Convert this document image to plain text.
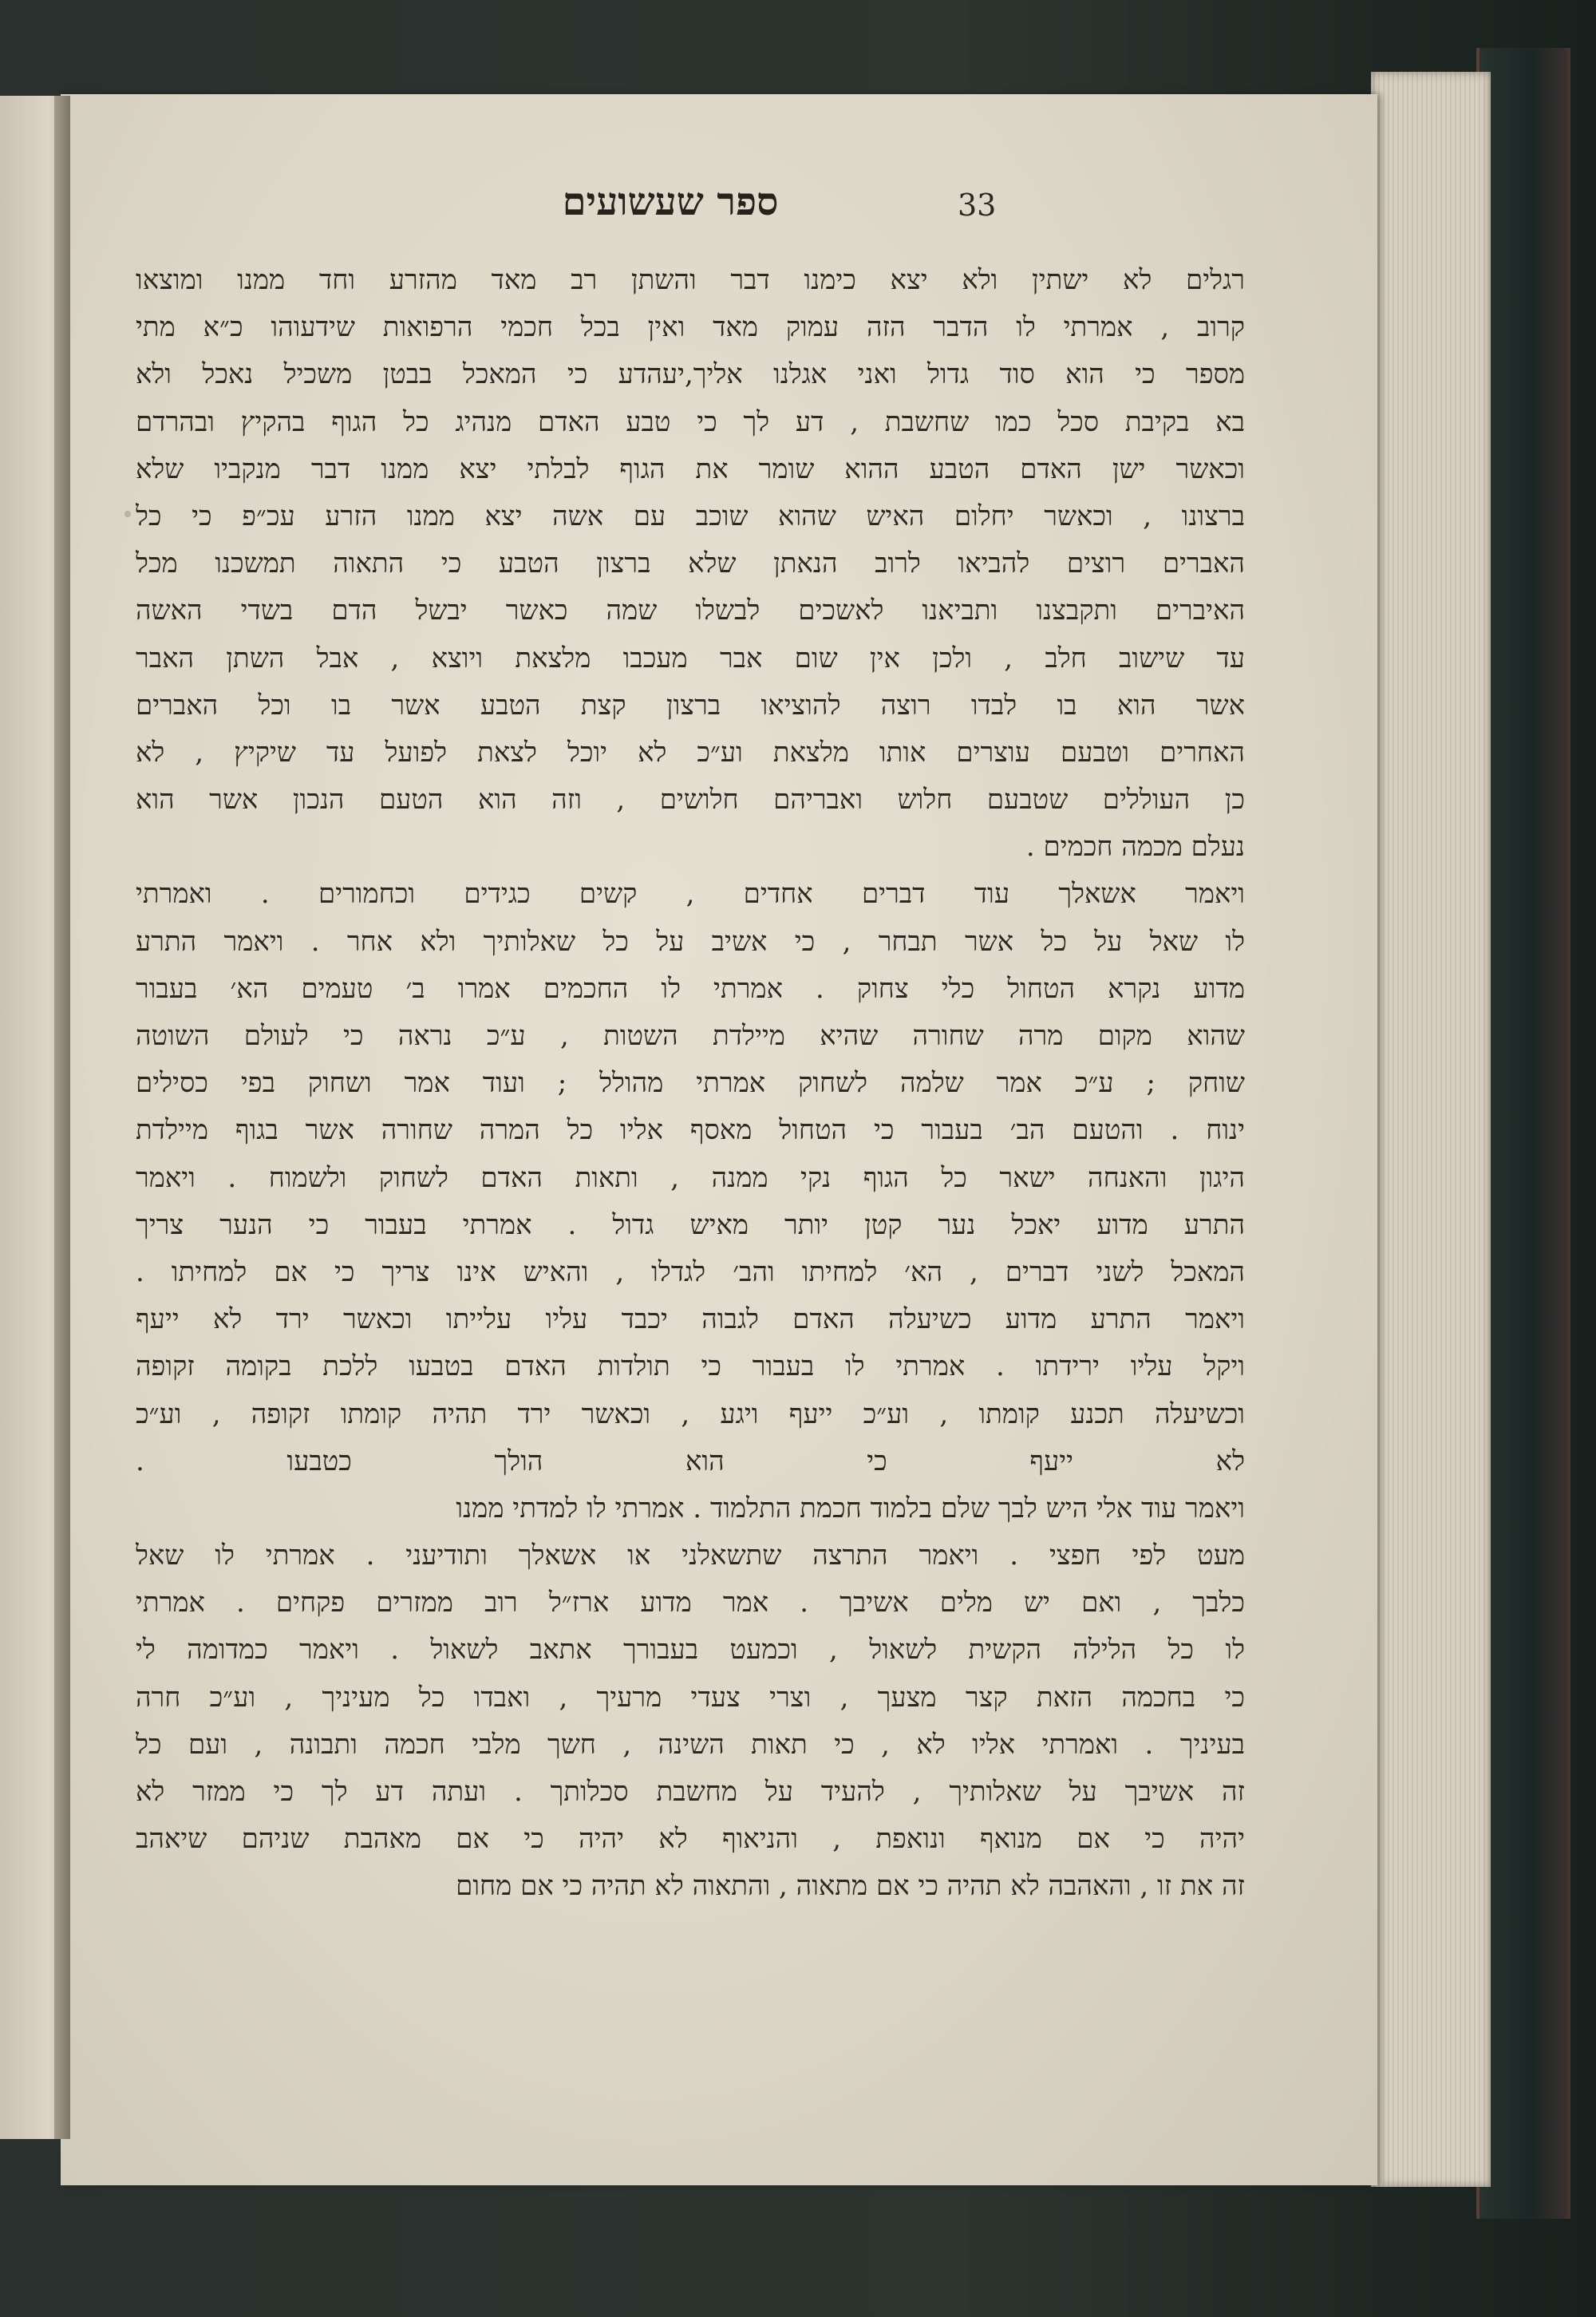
ספר שעשועים	33
רגלים לא ישתין ולא יצא כימנו דבר והשתן רב מאד מהזרע וחד ממנו ומוצאו
קרוב , אמרתי לו הדבר הזה עמוק מאד ואין בכל חכמי הרפואות שידעוהו כ״א מתי
מספר כי הוא סוד גדול ואני אגלנו אליך,יעהדע כי המאכל בבטן משכיל נאכל ולא
בא בקיבת סכל כמו שחשבת , דע לך כי טבע האדם מנהיג כל הגוף בהקיץ ובהרדם
וכאשר ישן האדם הטבע ההוא שומר את הגוף לבלתי יצא ממנו דבר מנקביו שלא
ברצונו , וכאשר יחלום האיש שהוא שוכב עם אשה יצא ממנו הזרע עכ״פ כי כל
האברים רוצים להביאו לרוב הנאתן שלא ברצון הטבע כי התאוה תמשכנו מכל
האיברים ותקבצנו ותביאנו לאשכים לבשלו שמה כאשר יבשל הדם בשדי האשה
עד שישוב חלב , ולכן אין שום אבר מעכבו מלצאת ויוצא , אבל השתן האבר
אשר הוא בו לבדו רוצה להוציאו ברצון קצת הטבע אשר בו וכל האברים
האחרים וטבעם עוצרים אותו מלצאת וע״כ לא יוכל לצאת לפועל עד שיקיץ , לא
כן העוללים שטבעם חלוש ואבריהם חלושים , וזה הוא הטעם הנכון אשר הוא
נעלם מכמה חכמים .
ויאמר אשאלך עוד דברים אחדים , קשים כגידים וכחמורים . ואמרתי
לו שאל על כל אשר תבחר , כי אשיב על כל שאלותיך ולא אחר . ויאמר התרע
מדוע נקרא הטחול כלי צחוק . אמרתי לו החכמים אמרו ב׳ טעמים הא׳ בעבור
שהוא מקום מרה שחורה שהיא מיילדת השטות , ע״כ נראה כי לעולם השוטה
שוחק ; ע״כ אמר שלמה לשחוק אמרתי מהולל ; ועוד אמר ושחוק בפי כסילים
ינוח . והטעם הב׳ בעבור כי הטחול מאסף אליו כל המרה שחורה אשר בגוף מיילדת
היגון והאנחה ישאר כל הגוף נקי ממנה , ותאות האדם לשחוק ולשמוח . ויאמר
התרע מדוע יאכל נער קטן יותר מאיש גדול . אמרתי בעבור כי הנער צריך
המאכל לשני דברים , הא׳ למחיתו והב׳ לגדלו , והאיש אינו צריך כי אם למחיתו .
ויאמר התרע מדוע כשיעלה האדם לגבוה יכבד עליו עלייתו וכאשר ירד לא ייעף
ויקל עליו ירידתו . אמרתי לו בעבור כי תולדות האדם בטבעו ללכת בקומה זקופה
וכשיעלה תכנע קומתו , וע״כ ייעף ויגע , וכאשר ירד תהיה קומתו זקופה , וע״כ
לא ייעף כי הוא הולך כטבעו .
ויאמר עוד אלי היש לבך שלם בלמוד חכמת התלמוד . אמרתי לו למדתי ממנו
מעט לפי חפצי . ויאמר התרצה שתשאלני או אשאלך ותודיעני . אמרתי לו שאל
כלבך , ואם יש מלים אשיבך . אמר מדוע ארז״ל רוב ממזרים פקחים . אמרתי
לו כל הלילה הקשית לשאול , וכמעט בעבורך אתאב לשאול . ויאמר כמדומה לי
כי בחכמה הזאת קצר מצעך , וצרי צעדי מרעיך , ואבדו כל מעיניך , וע״כ חרה
בעיניך . ואמרתי אליו לא , כי תאות השינה , חשך מלבי חכמה ותבונה , ועם כל
זה אשיבך על שאלותיך , להעיד על מחשבת סכלותך . ועתה דע לך כי ממזר לא
יהיה כי אם מנואף ונואפת , והניאוף לא יהיה כי אם מאהבת שניהם שיאהב
זה את זו , והאהבה לא תהיה כי אם מתאוה , והתאוה לא תהיה כי אם מחום
